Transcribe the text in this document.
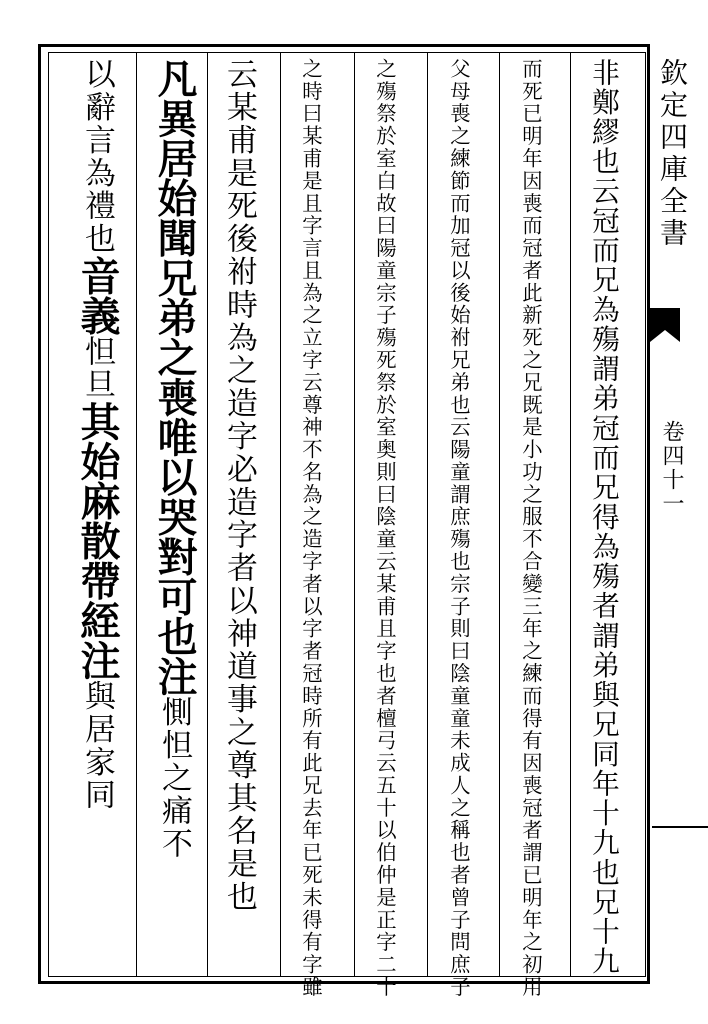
欽定四庫全書
卷四十一
非鄭繆也云冠而兄為殤謂弟冠而兄得為殤者謂弟與兄同年十九也兄十九
而死已明年因喪而冠者此新死之兄既是小功之服不合變三年之練而得有因喪冠者謂已明年之初用
父母喪之練節而加冠以後始祔兄弟也云陽童謂庶殤也宗子則曰陰童童未成人之稱也者曾子問庶子
之殤祭於室白故曰陽童宗子殤死祭於室奥則曰陰童云某甫且字也者檀弓云五十以伯仲是正字二十
之時曰某甫是且字言且為之立字云尊神不名為之造字者以字者冠時所有此兄去年已死未得有字雖
云某甫是死後祔時為之造字必造字者以神道事之尊其名是也
凡異居始聞兄弟之喪唯以哭對可也注惻怛之痛不
以辭言為禮也音義怛旦其始麻散帶絰注與居家同
